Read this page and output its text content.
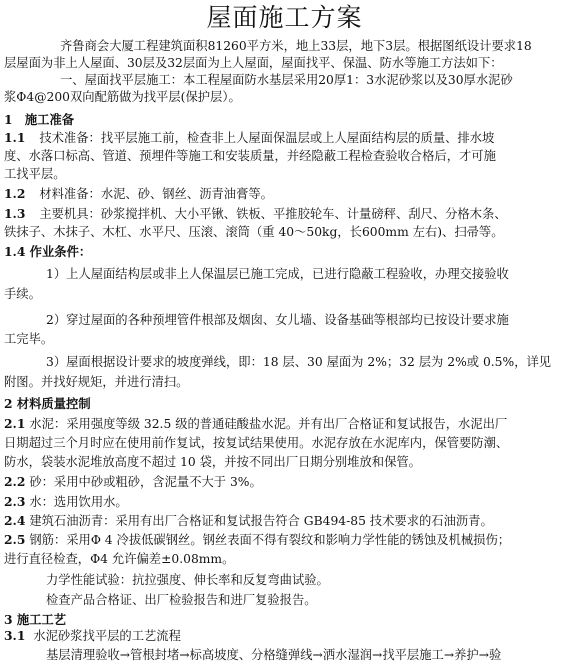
屋面施工方案
齐鲁商会大厦工程建筑面积81260平方米，地上33层，地下3层。根据图纸设计要求18
层屋面为非上人屋面、30层及32层面为上人屋面，屋面找平、保温、防水等施工方法如下：
一、屋面找平层施工：本工程屋面防水基层采用20厚1：3水泥砂浆以及30厚水泥砂
浆Φ4@200双向配筋做为找平层(保护层）。
1　施工准备
1.1 技术准备：找平层施工前，检查非上人屋面保温层或上人屋面结构层的质量、排水坡
度、水落口标高、管道、预埋件等施工和安装质量，并经隐蔽工程检查验收合格后，才可施
工找平层。
1.2 材料准备：水泥、砂、钢丝、沥青油膏等。
1.3 主要机具：砂浆搅拌机、大小平锹、铁板、平推胶轮车、计量磅秤、刮尺、分格木条、
铁抹子、木抹子、木杠、水平尺、压滚、滚筒（重 40～50kg，长600mm 左右)、扫帚等。
1.4 作业条件：
1）上人屋面结构层或非上人保温层已施工完成，已进行隐蔽工程验收，办理交接验收
手续。
2）穿过屋面的各种预埋管件根部及烟囱、女儿墙、设备基础等根部均已按设计要求施
工完毕。
3）屋面根据设计要求的坡度弹线，即：18 层、30 屋面为 2%；32 层为 2%或 0.5%，详见
附图。并找好规矩，并进行清扫。
2 材料质量控制
2.1 水泥：采用强度等级 32.5 级的普通硅酸盐水泥。并有出厂合格证和复试报告，水泥出厂
日期超过三个月时应在使用前作复试，按复试结果使用。水泥存放在水泥库内，保管要防潮、
防水，袋装水泥堆放高度不超过 10 袋，并按不同出厂日期分别堆放和保管。
2.2 砂：采用中砂或粗砂，含泥量不大于 3%。
2.3 水：选用饮用水。
2.4 建筑石油沥青：采用有出厂合格证和复试报告符合 GB494-85 技术要求的石油沥青。
2.5 钢筋：采用Φ 4 冷拔低碳钢丝。钢丝表面不得有裂纹和影响力学性能的锈蚀及机械损伤；
进行直径检查，Φ4 允许偏差±0.08mm。
力学性能试验：抗拉强度、伸长率和反复弯曲试验。
检查产品合格证、出厂检验报告和进厂复验报告。
3 施工工艺
3.1 水泥砂浆找平层的工艺流程
基层清理验收→管根封堵→标高坡度、分格缝弹线→洒水湿润→找平层施工→养护→验
